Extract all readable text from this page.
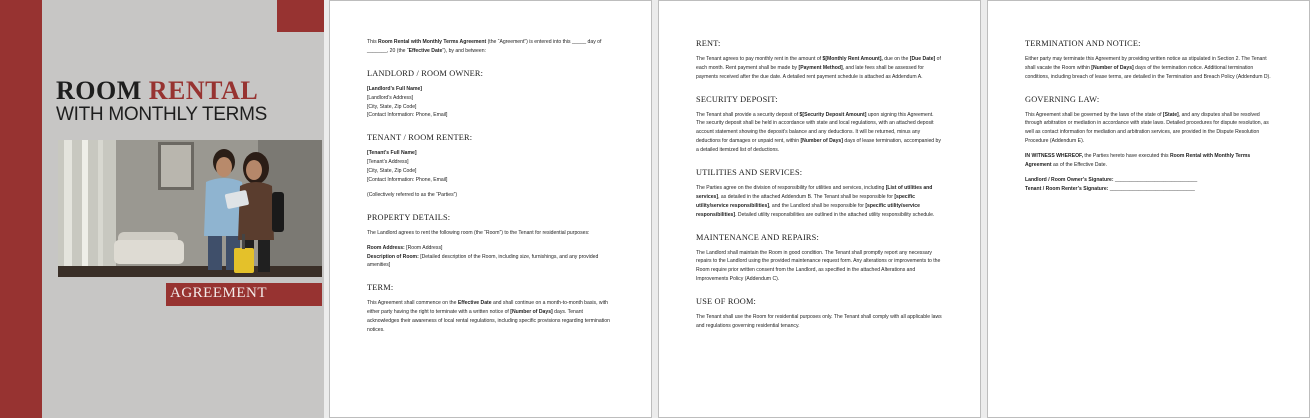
ROOM RENTAL
WITH MONTHLY TERMS
AGREEMENT

This Room Rental with Monthly Terms Agreement (the “Agreement”) is entered into this _____ day of _______, 20 (the “Effective Date”), by and between:

LANDLORD / ROOM OWNER:

[Landlord’s Full Name]
[Landlord’s Address]
[City, State, Zip Code]
[Contact Information: Phone, Email]

TENANT / ROOM RENTER:

[Tenant’s Full Name]
[Tenant’s Address]
[City, State, Zip Code]
[Contact Information: Phone, Email]

(Collectively referred to as the “Parties”)

PROPERTY DETAILS:

The Landlord agrees to rent the following room (the “Room”) to the Tenant for residential purposes:

Room Address: [Room Address]
Description of Room: [Detailed description of the Room, including size, furnishings, and any provided amenities]

TERM:

This Agreement shall commence on the Effective Date and shall continue on a month-to-month basis, with either party having the right to terminate with a written notice of [Number of Days] days. Tenant acknowledges their awareness of local rental regulations, including specific provisions regarding termination notices.

RENT:

The Tenant agrees to pay monthly rent in the amount of $[Monthly Rent Amount], due on the [Due Date] of each month. Rent payment shall be made by [Payment Method], and late fees shall be assessed for payments received after the due date. A detailed rent payment schedule is attached as Addendum A.

SECURITY DEPOSIT:

The Tenant shall provide a security deposit of $[Security Deposit Amount] upon signing this Agreement. The security deposit shall be held in accordance with state and local regulations, with an attached deposit account statement showing the deposit’s balance and any deductions. It will be returned, minus any deductions for damages or unpaid rent, within [Number of Days] days of lease termination, accompanied by a detailed itemized list of deductions.

UTILITIES AND SERVICES:

The Parties agree on the division of responsibility for utilities and services, including [List of utilities and services], as detailed in the attached Addendum B. The Tenant shall be responsible for [specific utility/service responsibilities], and the Landlord shall be responsible for [specific utility/service responsibilities]. Detailed utility responsibilities are outlined in the attached utility responsibility schedule.

MAINTENANCE AND REPAIRS:

The Landlord shall maintain the Room in good condition. The Tenant shall promptly report any necessary repairs to the Landlord using the provided maintenance request form. Any alterations or improvements to the Room require prior written consent from the Landlord, as specified in the attached Alterations and Improvements Policy (Addendum C).

USE OF ROOM:

The Tenant shall use the Room for residential purposes only. The Tenant shall comply with all applicable laws and regulations governing residential tenancy.

TERMINATION AND NOTICE:

Either party may terminate this Agreement by providing written notice as stipulated in Section 2. The Tenant shall vacate the Room within [Number of Days] days of the termination notice. Additional termination conditions, including breach of lease terms, are detailed in the Termination and Breach Policy (Addendum D).

GOVERNING LAW:

This Agreement shall be governed by the laws of the state of [State], and any disputes shall be resolved through arbitration or mediation in accordance with state laws. Detailed procedures for dispute resolution, as well as contact information for mediation and arbitration services, are provided in the Dispute Resolution Procedure (Addendum E).

IN WITNESS WHEREOF, the Parties hereto have executed this Room Rental with Monthly Terms Agreement as of the Effective Date.

Landlord / Room Owner’s Signature: _____________________________
Tenant / Room Renter’s Signature: ______________________________
